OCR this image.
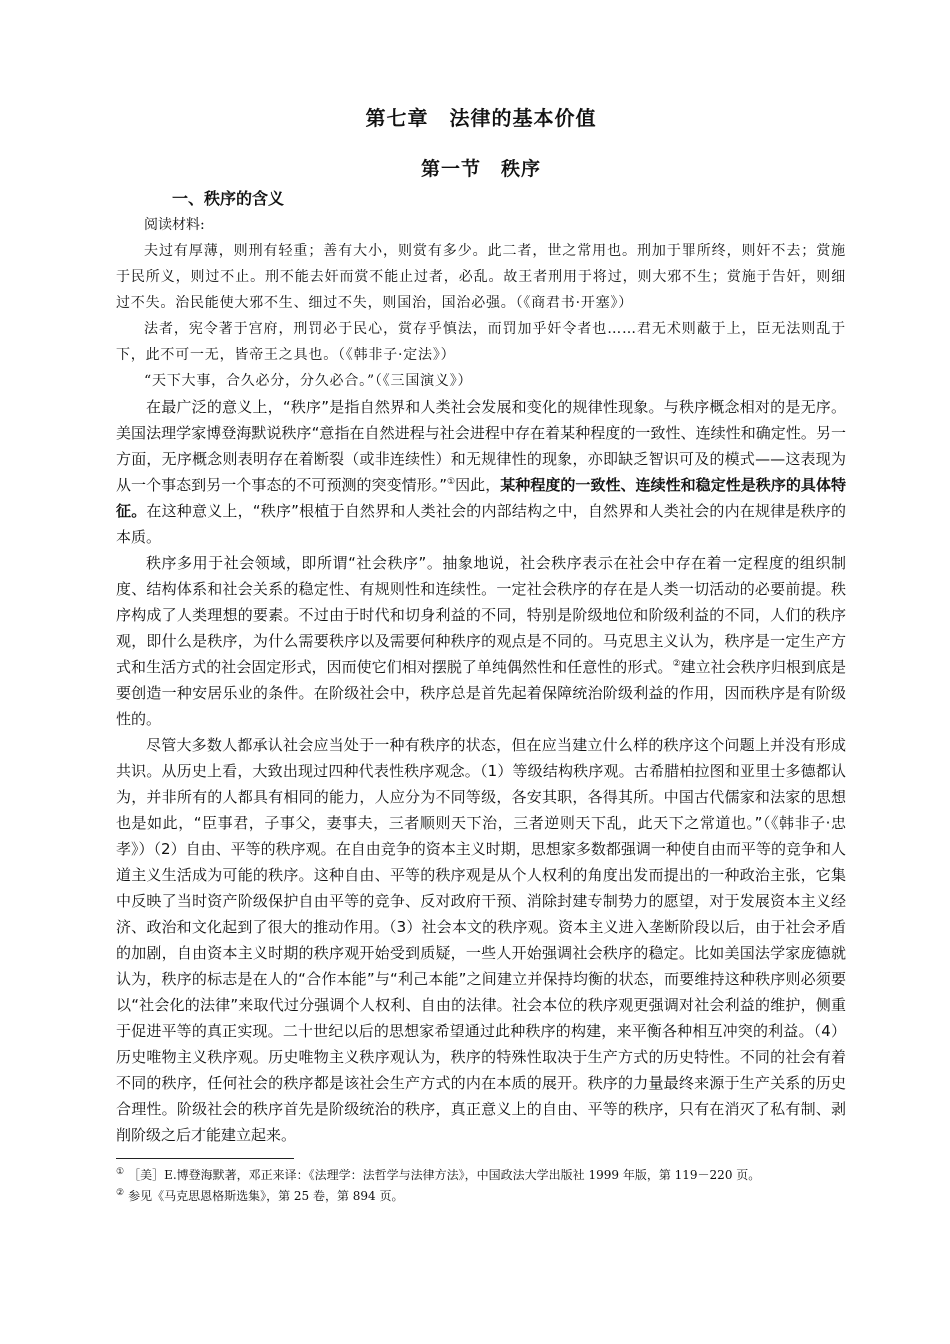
第七章　法律的基本价值
第一节　秩序
一、秩序的含义

阅读材料:

夫过有厚薄，则刑有轻重；善有大小，则赏有多少。此二者，世之常用也。刑加于罪所终，则奸不去；赏施于民所义，则过不止。刑不能去奸而赏不能止过者，必乱。故王者刑用于将过，则大邪不生；赏施于告奸，则细过不失。治民能使大邪不生、细过不失，则国治，国治必强。（《商君书·开塞》）

法者，宪令著于宫府，刑罚必于民心，赏存乎慎法，而罚加乎奸令者也……君无术则蔽于上，臣无法则乱于下，此不可一无，皆帝王之具也。（《韩非子·定法》）

“天下大事，合久必分，分久必合。”（《三国演义》）

在最广泛的意义上，“秩序”是指自然界和人类社会发展和变化的规律性现象。与秩序概念相对的是无序。美国法理学家博登海默说秩序“意指在自然进程与社会进程中存在着某种程度的一致性、连续性和确定性。另一方面，无序概念则表明存在着断裂（或非连续性）和无规律性的现象，亦即缺乏智识可及的模式——这表现为从一个事态到另一个事态的不可预测的突变情形。”①因此，某种程度的一致性、连续性和稳定性是秩序的具体特征。在这种意义上，“秩序”根植于自然界和人类社会的内部结构之中，自然界和人类社会的内在规律是秩序的本质。

秩序多用于社会领域，即所谓“社会秩序”。抽象地说，社会秩序表示在社会中存在着一定程度的组织制度、结构体系和社会关系的稳定性、有规则性和连续性。一定社会秩序的存在是人类一切活动的必要前提。秩序构成了人类理想的要素。不过由于时代和切身利益的不同，特别是阶级地位和阶级利益的不同，人们的秩序观，即什么是秩序，为什么需要秩序以及需要何种秩序的观点是不同的。马克思主义认为，秩序是一定生产方式和生活方式的社会固定形式，因而使它们相对摆脱了单纯偶然性和任意性的形式。②建立社会秩序归根到底是要创造一种安居乐业的条件。在阶级社会中，秩序总是首先起着保障统治阶级利益的作用，因而秩序是有阶级性的。

尽管大多数人都承认社会应当处于一种有秩序的状态，但在应当建立什么样的秩序这个问题上并没有形成共识。从历史上看，大致出现过四种代表性秩序观念。（1）等级结构秩序观。古希腊柏拉图和亚里士多德都认为，并非所有的人都具有相同的能力，人应分为不同等级，各安其职，各得其所。中国古代儒家和法家的思想也是如此，“臣事君，子事父，妻事夫，三者顺则天下治，三者逆则天下乱，此天下之常道也。”（《韩非子·忠孝》）（2）自由、平等的秩序观。在自由竞争的资本主义时期，思想家多数都强调一种使自由而平等的竞争和人道主义生活成为可能的秩序。这种自由、平等的秩序观是从个人权利的角度出发而提出的一种政治主张，它集中反映了当时资产阶级保护自由平等的竞争、反对政府干预、消除封建专制势力的愿望，对于发展资本主义经济、政治和文化起到了很大的推动作用。（3）社会本文的秩序观。资本主义进入垄断阶段以后，由于社会矛盾的加剧，自由资本主义时期的秩序观开始受到质疑，一些人开始强调社会秩序的稳定。比如美国法学家庞德就认为，秩序的标志是在人的“合作本能”与“利己本能”之间建立并保持均衡的状态，而要维持这种秩序则必须要以“社会化的法律”来取代过分强调个人权利、自由的法律。社会本位的秩序观更强调对社会利益的维护，侧重于促进平等的真正实现。二十世纪以后的思想家希望通过此种秩序的构建，来平衡各种相互冲突的利益。（4）历史唯物主义秩序观。历史唯物主义秩序观认为，秩序的特殊性取决于生产方式的历史特性。不同的社会有着不同的秩序，任何社会的秩序都是该社会生产方式的内在本质的展开。秩序的力量最终来源于生产关系的历史合理性。阶级社会的秩序首先是阶级统治的秩序，真正意义上的自由、平等的秩序，只有在消灭了私有制、剥削阶级之后才能建立起来。

① ［美］E.博登海默著，邓正来译：《法理学：法哲学与法律方法》，中国政法大学出版社 1999 年版，第 119－220 页。

② 参见《马克思恩格斯选集》，第 25 卷，第 894 页。
